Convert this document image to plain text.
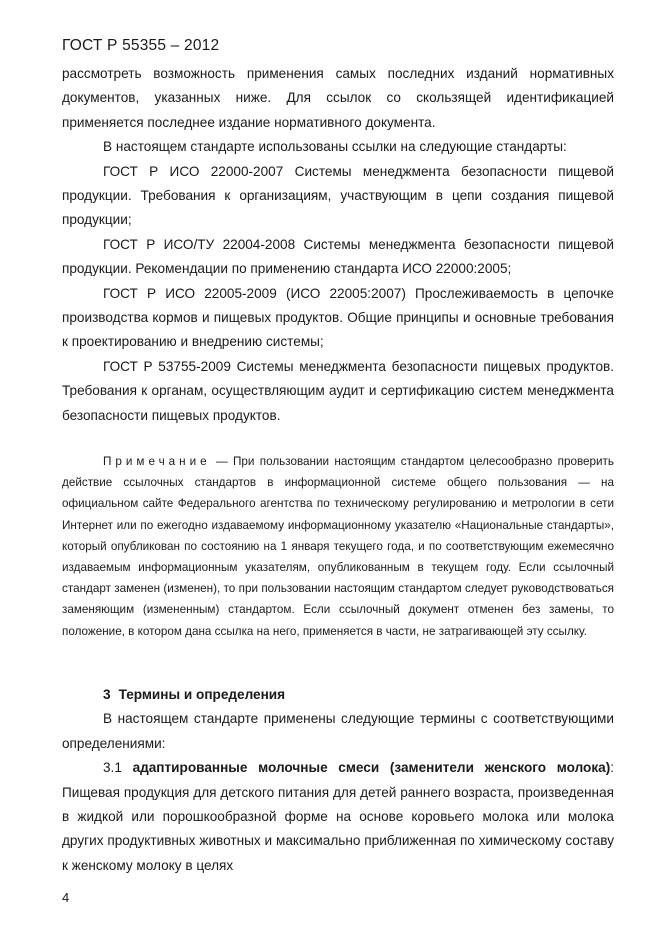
ГОСТ Р 55355 – 2012

рассмотреть возможность применения самых последних изданий нормативных документов, указанных ниже. Для ссылок со скользящей идентификацией применяется последнее издание нормативного документа.

В настоящем стандарте использованы ссылки на следующие стандарты:

ГОСТ Р ИСО 22000-2007 Системы менеджмента безопасности пищевой продукции. Требования к организациям, участвующим в цепи создания пищевой продукции;

ГОСТ Р ИСО/ТУ 22004-2008 Системы менеджмента безопасности пищевой продукции. Рекомендации по применению стандарта ИСО 22000:2005;

ГОСТ Р ИСО 22005-2009 (ИСО 22005:2007) Прослеживаемость в цепочке производства кормов и пищевых продуктов. Общие принципы и основные требования к проектированию и внедрению системы;

ГОСТ Р 53755-2009 Системы менеджмента безопасности пищевых продуктов. Требования к органам, осуществляющим аудит и сертификацию систем менеджмента безопасности пищевых продуктов.

Примечание — При пользовании настоящим стандартом целесообразно проверить действие ссылочных стандартов в информационной системе общего пользования — на официальном сайте Федерального агентства по техническому регулированию и метрологии в сети Интернет или по ежегодно издаваемому информационному указателю «Национальные стандарты», который опубликован по состоянию на 1 января текущего года, и по соответствующим ежемесячно издаваемым информационным указателям, опубликованным в текущем году. Если ссылочный стандарт заменен (изменен), то при пользовании настоящим стандартом следует руководствоваться заменяющим (измененным) стандартом. Если ссылочный документ отменен без замены, то положение, в котором дана ссылка на него, применяется в части, не затрагивающей эту ссылку.

3 Термины и определения

В настоящем стандарте применены следующие термины с соответствующими определениями:

3.1 адаптированные молочные смеси (заменители женского молока): Пищевая продукция для детского питания для детей раннего возраста, произведенная в жидкой или порошкообразной форме на основе коровьего молока или молока других продуктивных животных и максимально приближенная по химическому составу к женскому молоку в целях

4
